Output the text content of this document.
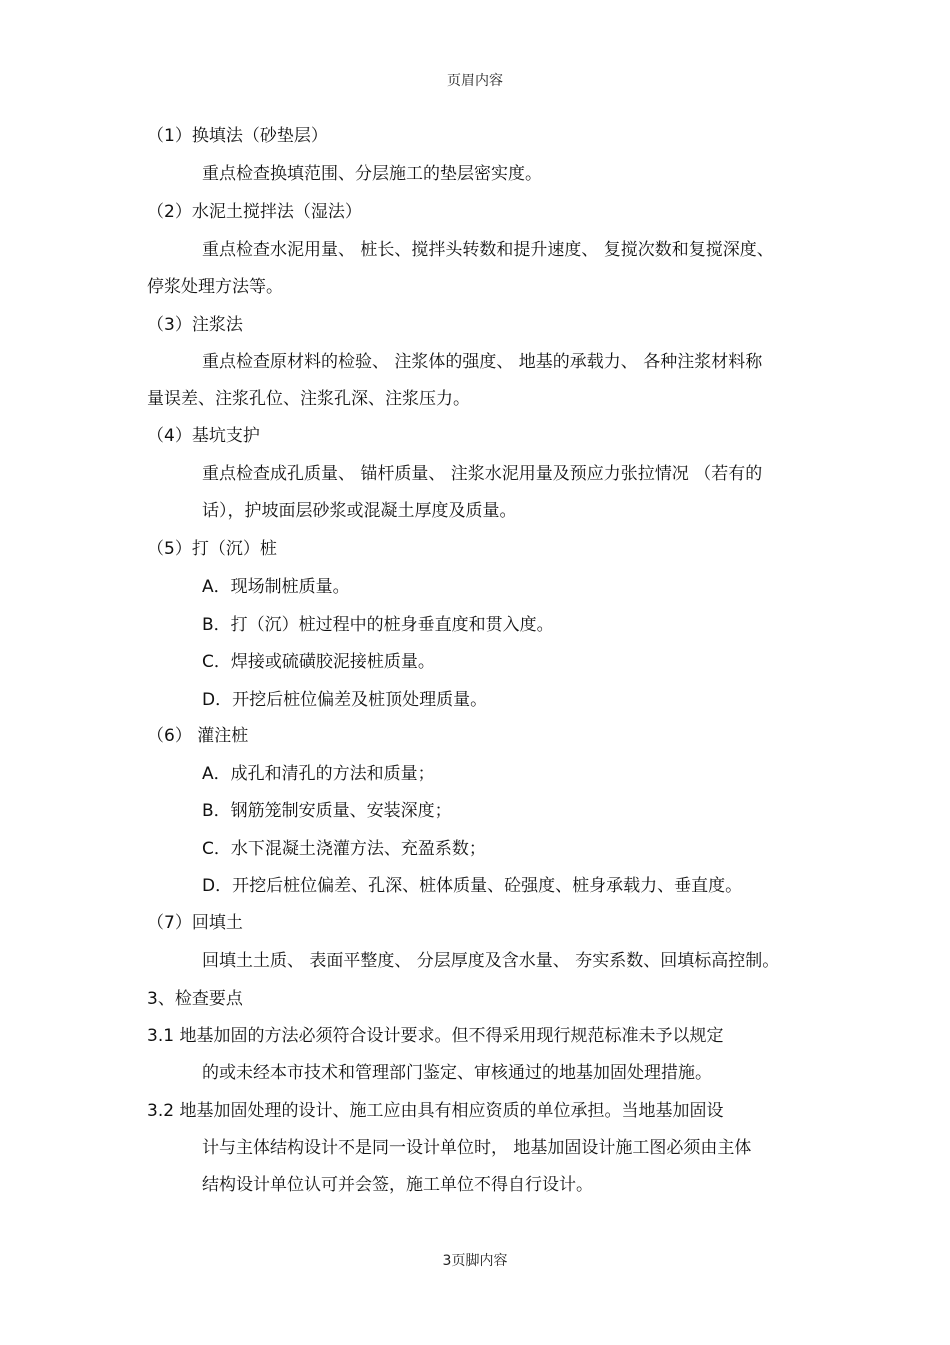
页眉内容
（1）换填法（砂垫层）
重点检查换填范围、分层施工的垫层密实度。
（2）水泥土搅拌法（湿法）
重点检查水泥用量、 桩长、搅拌头转数和提升速度、 复搅次数和复搅深度、
停浆处理方法等。
（3）注浆法
重点检查原材料的检验、 注浆体的强度、 地基的承载力、 各种注浆材料称
量误差、注浆孔位、注浆孔深、注浆压力。
（4）基坑支护
重点检查成孔质量、 锚杆质量、 注浆水泥用量及预应力张拉情况 （若有的
话），护坡面层砂浆或混凝土厚度及质量。
（5）打（沉）桩
A．现场制桩质量。
B．打（沉）桩过程中的桩身垂直度和贯入度。
C．焊接或硫磺胶泥接桩质量。
D．开挖后桩位偏差及桩顶处理质量。
（6） 灌注桩
A．成孔和清孔的方法和质量；
B．钢筋笼制安质量、安装深度；
C．水下混凝土浇灌方法、充盈系数；
D．开挖后桩位偏差、孔深、桩体质量、砼强度、桩身承载力、垂直度。
（7）回填土
回填土土质、 表面平整度、 分层厚度及含水量、 夯实系数、回填标高控制。
3、检查要点
3.1 地基加固的方法必须符合设计要求。但不得采用现行规范标准未予以规定
的或未经本市技术和管理部门鉴定、审核通过的地基加固处理措施。
3.2 地基加固处理的设计、施工应由具有相应资质的单位承担。当地基加固设
计与主体结构设计不是同一设计单位时， 地基加固设计施工图必须由主体
结构设计单位认可并会签，施工单位不得自行设计。
3页脚内容
